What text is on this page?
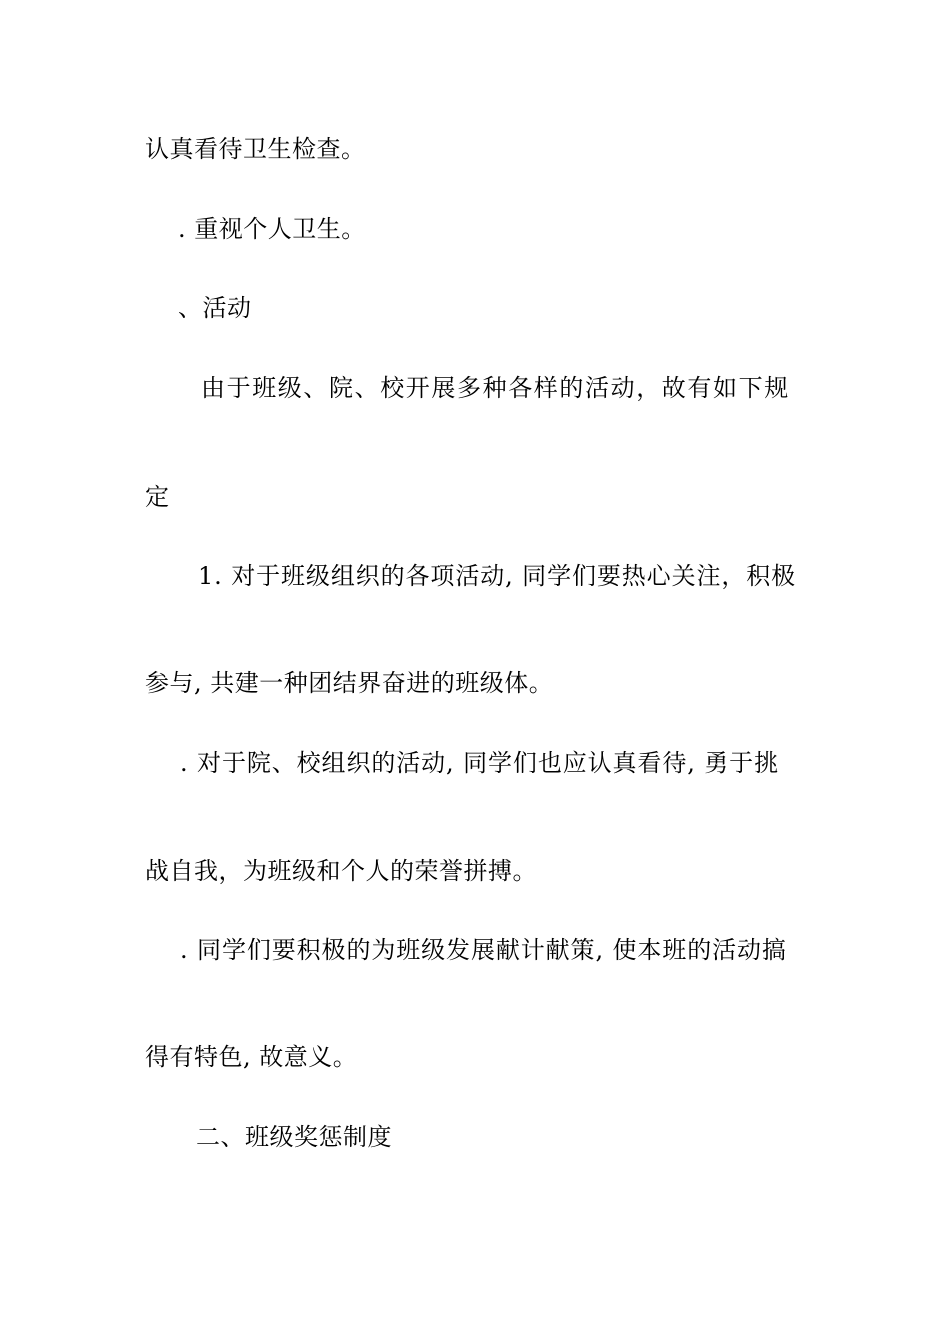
认真看待卫生检查。
. 重视个人卫生。
、活动
由于班级、院、校开展多种各样的活动，故有如下规
定
1. 对于班级组织的各项活动, 同学们要热心关注，积极
参与, 共建一种团结界奋进的班级体。
. 对于院、校组织的活动, 同学们也应认真看待, 勇于挑
战自我，为班级和个人的荣誉拼搏。
. 同学们要积极的为班级发展献计献策, 使本班的活动搞
得有特色, 故意义。
二、班级奖惩制度
